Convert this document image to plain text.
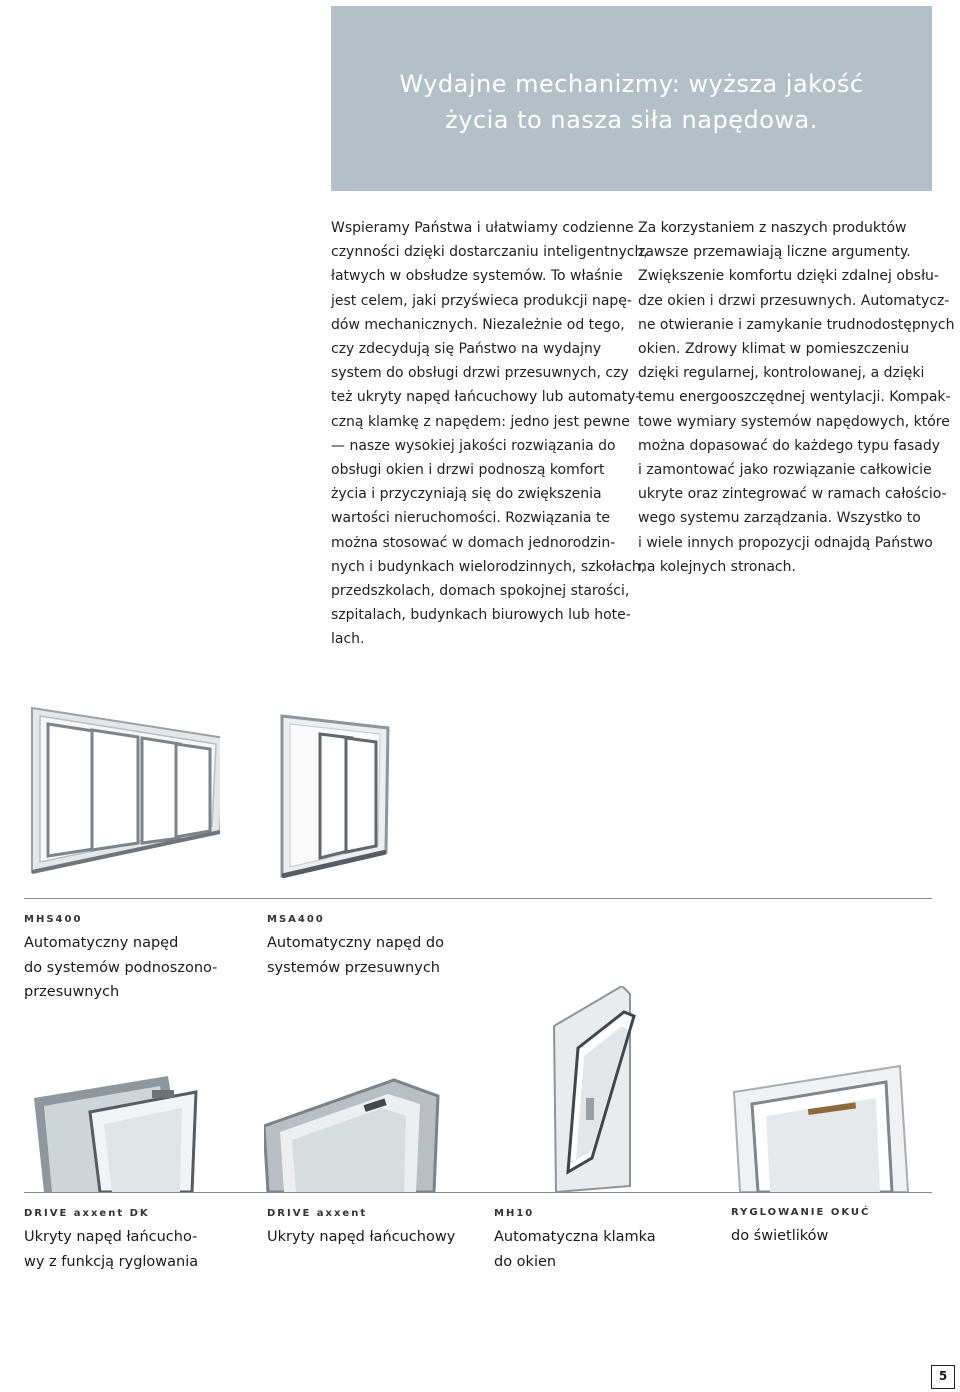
Wydajne mechanizmy: wyższa jakość
życia to nasza siła napędowa.

Wspieramy Państwa i ułatwiamy codzienne
czynności dzięki dostarczaniu inteligentnych,
łatwych w obsłudze systemów. To właśnie
jest celem, jaki przyświeca produkcji napę-
dów mechanicznych. Niezależnie od tego,
czy zdecydują się Państwo na wydajny
system do obsługi drzwi przesuwnych, czy
też ukryty napęd łańcuchowy lub automaty-
czną klamkę z napędem: jedno jest pewne
— nasze wysokiej jakości rozwiązania do
obsługi okien i drzwi podnoszą komfort
życia i przyczyniają się do zwiększenia
wartości nieruchomości. Rozwiązania te
można stosować w domach jednorodzin-
nych i budynkach wielorodzinnych, szkołach,
przedszkolach, domach spokojnej starości,
szpitalach, budynkach biurowych lub hote-
lach.

Za korzystaniem z naszych produktów
zawsze przemawiają liczne argumenty.
Zwiększenie komfortu dzięki zdalnej obsłu-
dze okien i drzwi przesuwnych. Automatycz-
ne otwieranie i zamykanie trudnodostępnych
okien. Zdrowy klimat w pomieszczeniu
dzięki regularnej, kontrolowanej, a dzięki
temu energooszczędnej wentylacji. Kompak-
towe wymiary systemów napędowych, które
można dopasować do każdego typu fasady
i zamontować jako rozwiązanie całkowicie
ukryte oraz zintegrować w ramach całościo-
wego systemu zarządzania. Wszystko to
i wiele innych propozycji odnajdą Państwo
na kolejnych stronach.

MHS400

Automatyczny napęd
do systemów podnoszono-
przesuwnych

MSA400

Automatyczny napęd do
systemów przesuwnych

DRIVE axxent DK

Ukryty napęd łańcucho-
wy z funkcją ryglowania

DRIVE axxent

Ukryty napęd łańcuchowy

MH10

Automatyczna klamka
do okien

RYGLOWANIE OKUĆ

do świetlików

5
